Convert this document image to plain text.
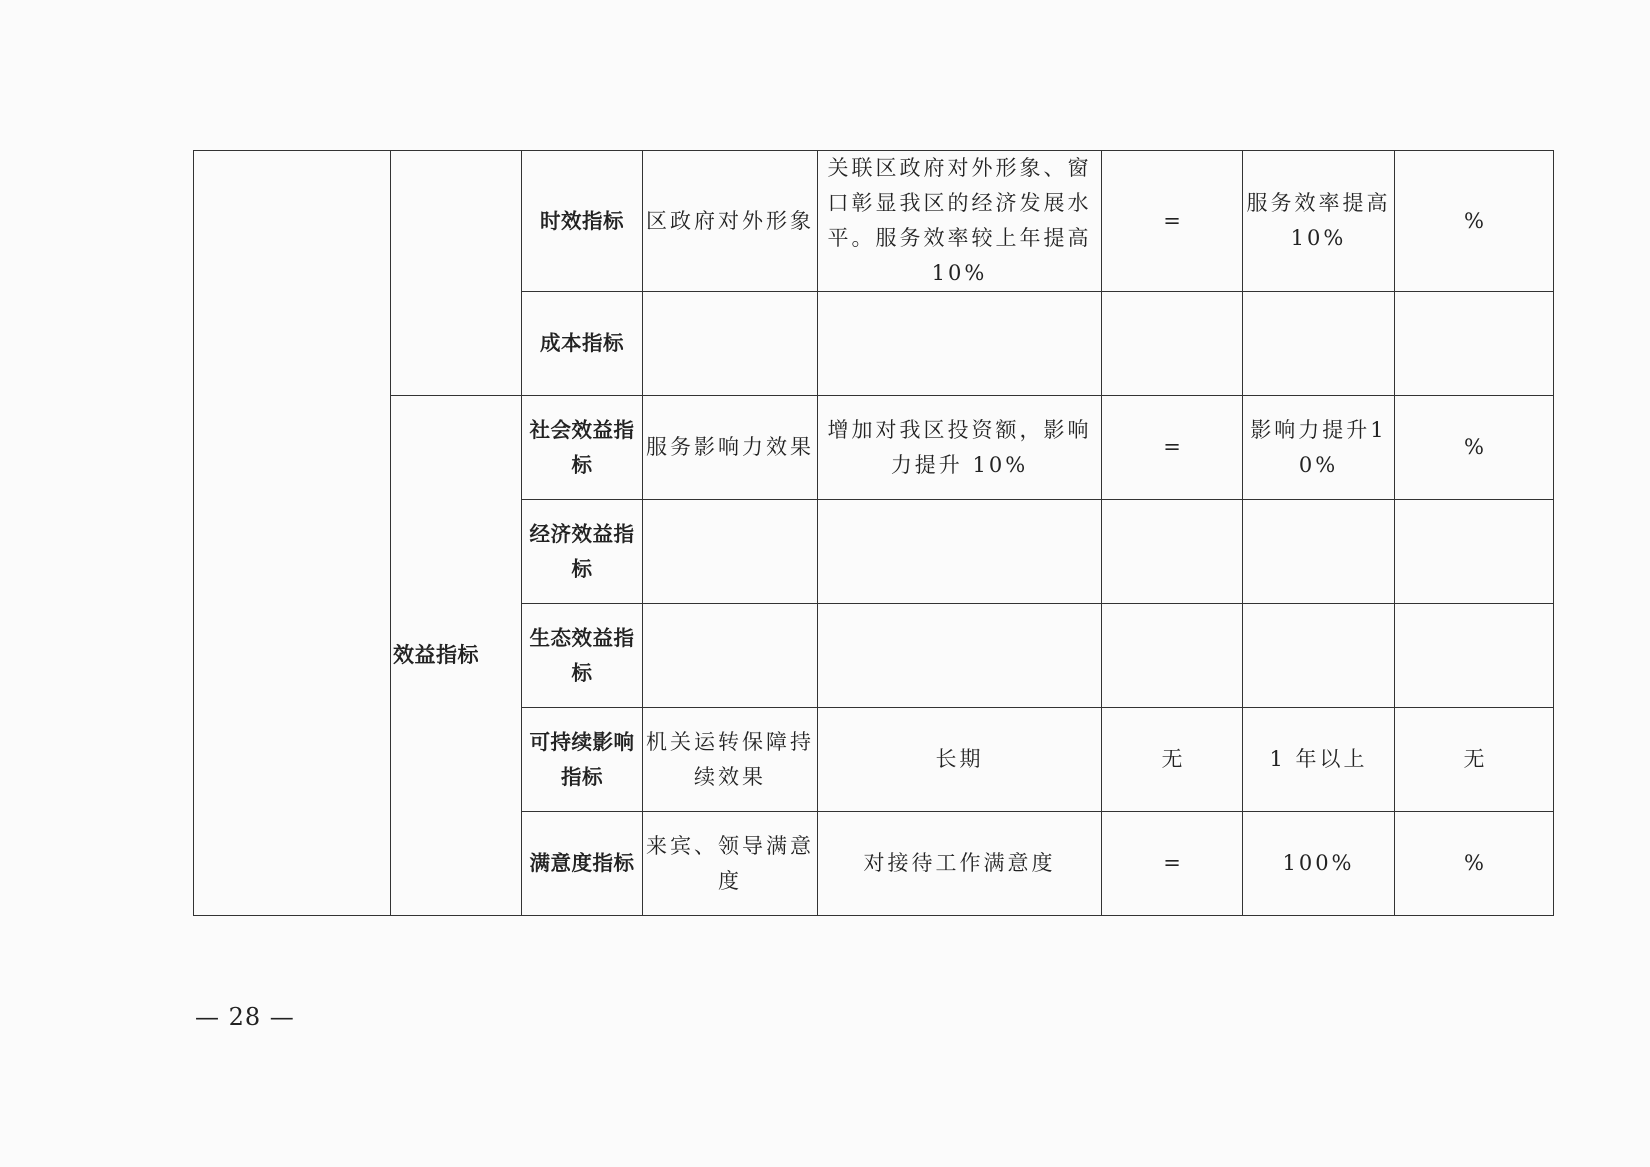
		时效指标	区政府对外形象	关联区政府对外形象、窗口彰显我区的经济发展水平。服务效率较上年提高 10%	=	服务效率提高10%	%
		成本指标					
	效益指标	社会效益指标	服务影响力效果	增加对我区投资额，影响力提升 10%	=	影响力提升10%	%
		经济效益指标					
		生态效益指标					
		可持续影响指标	机关运转保障持续效果	长期	无	1 年以上	无
		满意度指标	来宾、领导满意度	对接待工作满意度	=	100%	%
— 28 —
